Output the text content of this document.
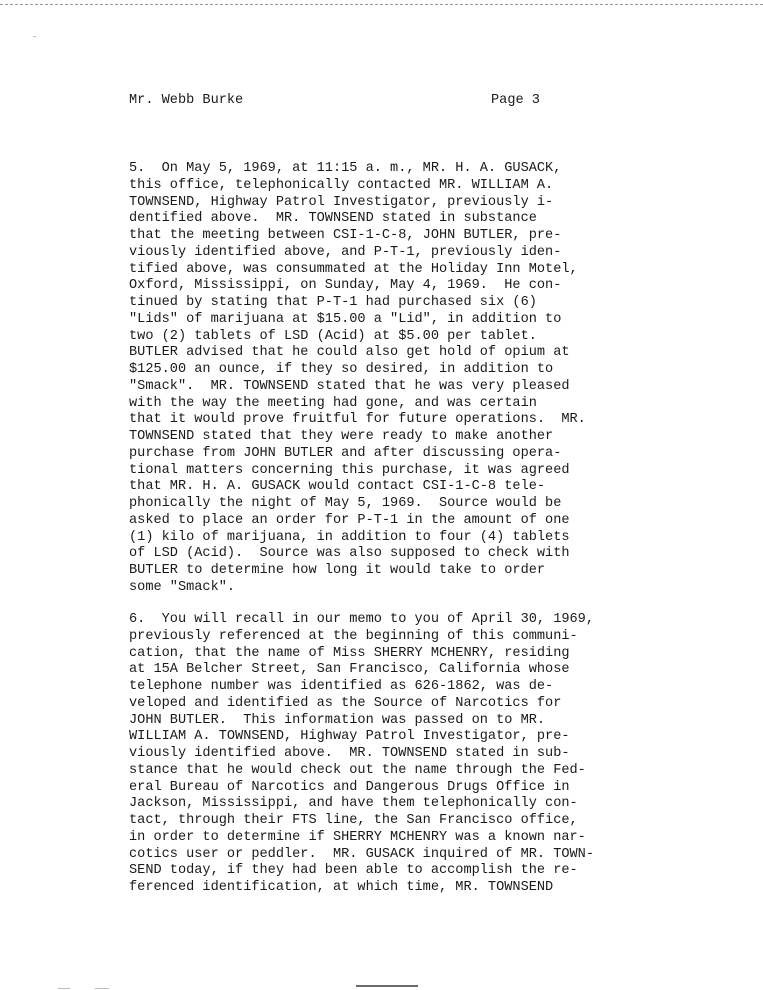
Mr. Webb Burke	Page 3
5.  On May 5, 1969, at 11:15 a. m., MR. H. A. GUSACK,
this office, telephonically contacted MR. WILLIAM A.
TOWNSEND, Highway Patrol Investigator, previously i-
dentified above.  MR. TOWNSEND stated in substance
that the meeting between CSI-1-C-8, JOHN BUTLER, pre-
viously identified above, and P-T-1, previously iden-
tified above, was consummated at the Holiday Inn Motel,
Oxford, Mississippi, on Sunday, May 4, 1969.  He con-
tinued by stating that P-T-1 had purchased six (6)
"Lids" of marijuana at $15.00 a "Lid", in addition to
two (2) tablets of LSD (Acid) at $5.00 per tablet.
BUTLER advised that he could also get hold of opium at
$125.00 an ounce, if they so desired, in addition to
"Smack".  MR. TOWNSEND stated that he was very pleased
with the way the meeting had gone, and was certain
that it would prove fruitful for future operations.  MR.
TOWNSEND stated that they were ready to make another
purchase from JOHN BUTLER and after discussing opera-
tional matters concerning this purchase, it was agreed
that MR. H. A. GUSACK would contact CSI-1-C-8 tele-
phonically the night of May 5, 1969.  Source would be
asked to place an order for P-T-1 in the amount of one
(1) kilo of marijuana, in addition to four (4) tablets
of LSD (Acid).  Source was also supposed to check with
BUTLER to determine how long it would take to order
some "Smack".
6.  You will recall in our memo to you of April 30, 1969,
previously referenced at the beginning of this communi-
cation, that the name of Miss SHERRY MCHENRY, residing
at 15A Belcher Street, San Francisco, California whose
telephone number was identified as 626-1862, was de-
veloped and identified as the Source of Narcotics for
JOHN BUTLER.  This information was passed on to MR.
WILLIAM A. TOWNSEND, Highway Patrol Investigator, pre-
viously identified above.  MR. TOWNSEND stated in sub-
stance that he would check out the name through the Fed-
eral Bureau of Narcotics and Dangerous Drugs Office in
Jackson, Mississippi, and have them telephonically con-
tact, through their FTS line, the San Francisco office,
in order to determine if SHERRY MCHENRY was a known nar-
cotics user or peddler.  MR. GUSACK inquired of MR. TOWN-
SEND today, if they had been able to accomplish the re-
ferenced identification, at which time, MR. TOWNSEND
